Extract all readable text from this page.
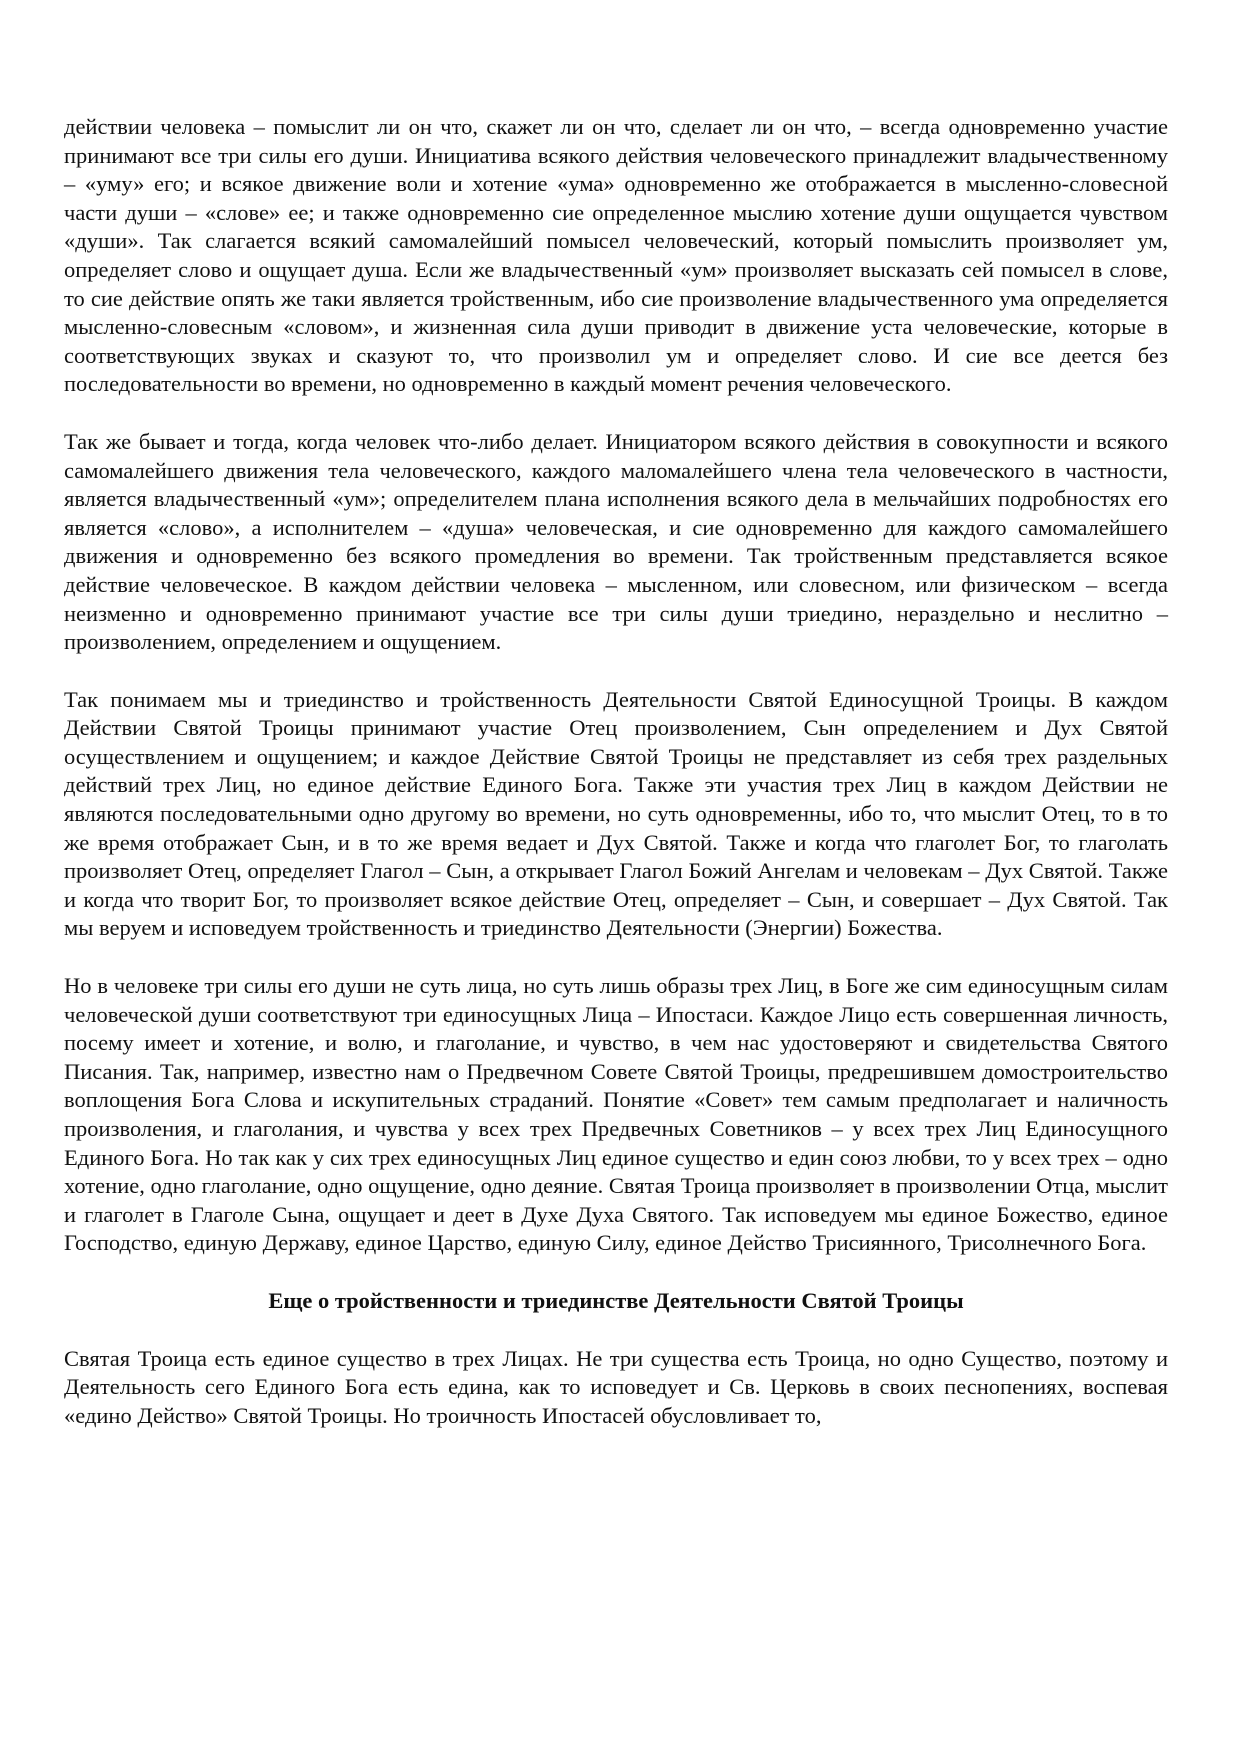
действии человека – помыслит ли он что, скажет ли он что, сделает ли он что, – всегда одновременно участие принимают все три силы его души. Инициатива всякого действия человеческого принадлежит владычественному – «уму» его; и всякое движение воли и хотение «ума» одновременно же отображается в мысленно-словесной части души – «слове» ее; и также одновременно сие определенное мыслию хотение души ощущается чувством «души». Так слагается всякий самомалейший помысел человеческий, который помыслить произволяет ум, определяет слово и ощущает душа. Если же владычественный «ум» произволяет высказать сей помысел в слове, то сие действие опять же таки является тройственным, ибо сие произволение владычественного ума определяется мысленно-словесным «словом», и жизненная сила души приводит в движение уста человеческие, которые в соответствующих звуках и сказуют то, что произволил ум и определяет слово. И сие все деется без последовательности во времени, но одновременно в каждый момент речения человеческого.

Так же бывает и тогда, когда человек что-либо делает. Инициатором всякого действия в совокупности и всякого самомалейшего движения тела человеческого, каждого маломалейшего члена тела человеческого в частности, является владычественный «ум»; определителем плана исполнения всякого дела в мельчайших подробностях его является «слово», а исполнителем – «душа» человеческая, и сие одновременно для каждого самомалейшего движения и одновременно без всякого промедления во времени. Так тройственным представляется всякое действие человеческое. В каждом действии человека – мысленном, или словесном, или физическом – всегда неизменно и одновременно принимают участие все три силы души триедино, нераздельно и неслитно – произволением, определением и ощущением.

Так понимаем мы и триединство и тройственность Деятельности Святой Единосущной Троицы. В каждом Действии Святой Троицы принимают участие Отец произволением, Сын определением и Дух Святой осуществлением и ощущением; и каждое Действие Святой Троицы не представляет из себя трех раздельных действий трех Лиц, но единое действие Единого Бога. Также эти участия трех Лиц в каждом Действии не являются последовательными одно другому во времени, но суть одновременны, ибо то, что мыслит Отец, то в то же время отображает Сын, и в то же время ведает и Дух Святой. Также и когда что глаголет Бог, то глаголать произволяет Отец, определяет Глагол – Сын, а открывает Глагол Божий Ангелам и человекам – Дух Святой. Также и когда что творит Бог, то произволяет всякое действие Отец, определяет – Сын, и совершает – Дух Святой. Так мы веруем и исповедуем тройственность и триединство Деятельности (Энергии) Божества.

Но в человеке три силы его души не суть лица, но суть лишь образы трех Лиц, в Боге же сим единосущным силам человеческой души соответствуют три единосущных Лица – Ипостаси. Каждое Лицо есть совершенная личность, посему имеет и хотение, и волю, и глаголание, и чувство, в чем нас удостоверяют и свидетельства Святого Писания. Так, например, известно нам о Предвечном Совете Святой Троицы, предрешившем домостроительство воплощения Бога Слова и искупительных страданий. Понятие «Совет» тем самым предполагает и наличность произволения, и глаголания, и чувства у всех трех Предвечных Советников – у всех трех Лиц Единосущного Единого Бога. Но так как у сих трех единосущных Лиц единое существо и един союз любви, то у всех трех – одно хотение, одно глаголание, одно ощущение, одно деяние. Святая Троица произволяет в произволении Отца, мыслит и глаголет в Глаголе Сына, ощущает и деет в Духе Духа Святого. Так исповедуем мы единое Божество, единое Господство, единую Державу, единое Царство, единую Силу, единое Действо Трисиянного, Трисолнечного Бога.

Еще о тройственности и триединстве Деятельности Святой Троицы

Святая Троица есть единое существо в трех Лицах. Не три существа есть Троица, но одно Существо, поэтому и Деятельность сего Единого Бога есть едина, как то исповедует и Св. Церковь в своих песнопениях, воспевая «едино Действо» Святой Троицы. Но троичность Ипостасей обусловливает то,
